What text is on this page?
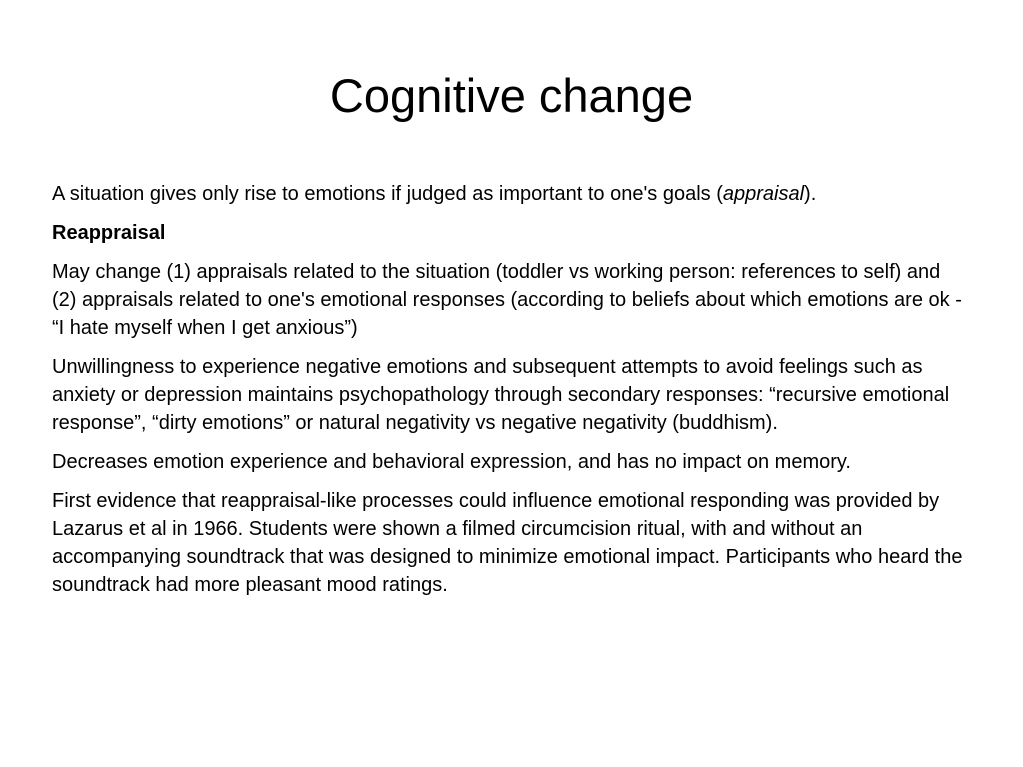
Cognitive change

A situation gives only rise to emotions if judged as important to one's goals (appraisal).

Reappraisal

May change (1) appraisals related to the situation (toddler vs working person: references to self) and (2) appraisals related to one's emotional responses (according to beliefs about which emotions are ok - “I hate myself when I get anxious”)

Unwillingness to experience negative emotions and subsequent attempts to avoid feelings such as anxiety or depression maintains psychopathology through secondary responses: “recursive emotional response”, “dirty emotions” or natural negativity vs negative negativity (buddhism).

Decreases emotion experience and behavioral expression, and has no impact on memory.

First evidence that reappraisal-like processes could influence emotional responding was provided by Lazarus et al in 1966. Students were shown a filmed circumcision ritual, with and without an accompanying soundtrack that was designed to minimize emotional impact. Participants who heard the soundtrack had more pleasant mood ratings.
